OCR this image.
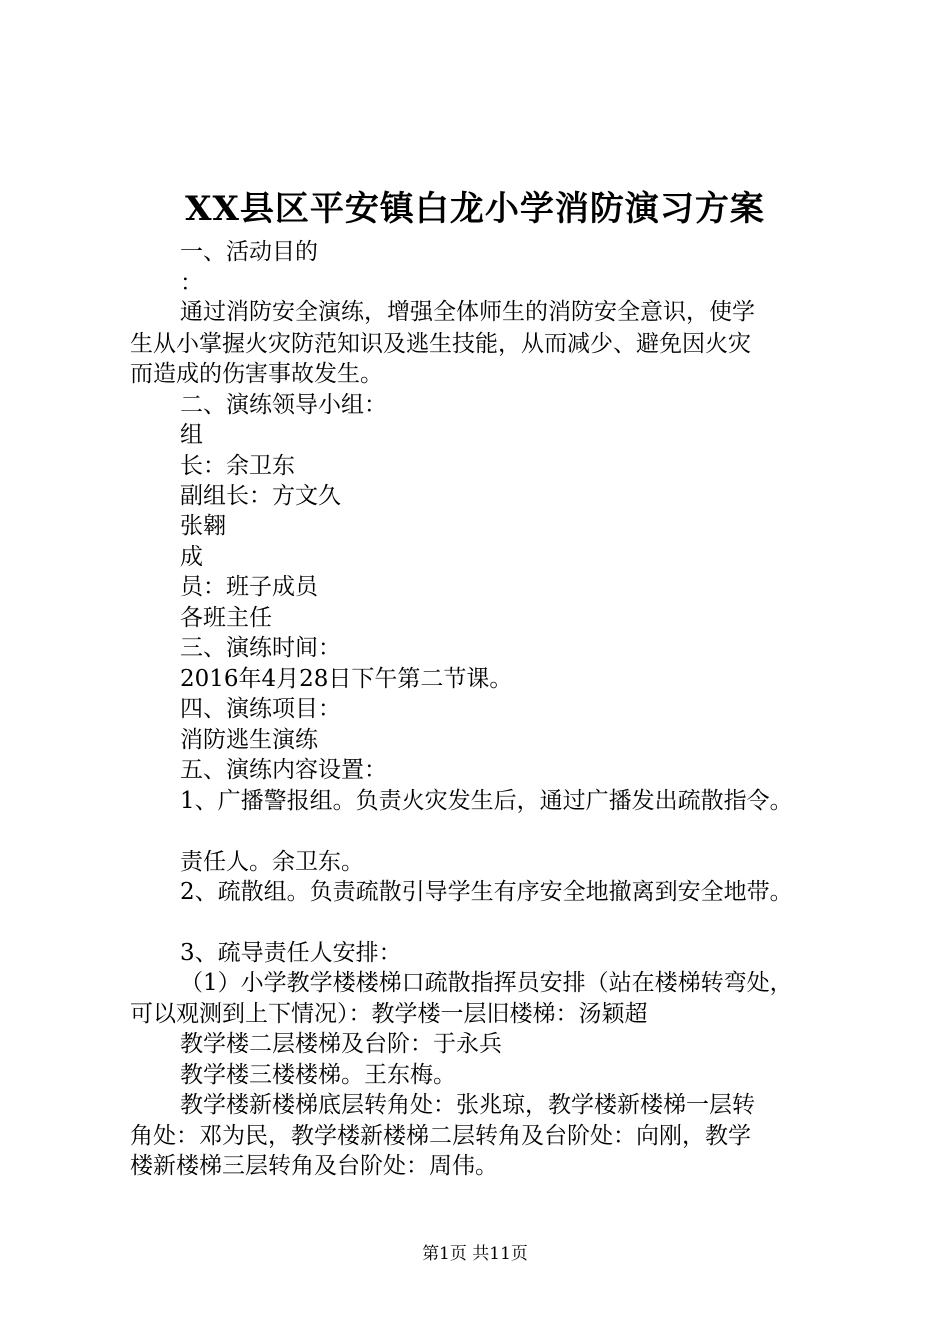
XX县区平安镇白龙小学消防演习方案
一、活动目的
：
通过消防安全演练，增强全体师生的消防安全意识，使学
生从小掌握火灾防范知识及逃生技能，从而减少、避免因火灾
而造成的伤害事故发生。
二、演练领导小组：
组
长：余卫东
副组长：方文久
张翱
成
员：班子成员
各班主任
三、演练时间：
2016年4月28日下午第二节课。
四、演练项目：
消防逃生演练
五、演练内容设置：
1、广播警报组。负责火灾发生后，通过广播发出疏散指令。
责任人。余卫东。
2、疏散组。负责疏散引导学生有序安全地撤离到安全地带。
3、疏导责任人安排：
（1）小学教学楼楼梯口疏散指挥员安排（站在楼梯转弯处，
可以观测到上下情况）：教学楼一层旧楼梯：汤颖超
教学楼二层楼梯及台阶：于永兵
教学楼三楼楼梯。王东梅。
教学楼新楼梯底层转角处：张兆琼，教学楼新楼梯一层转
角处：邓为民，教学楼新楼梯二层转角及台阶处：向刚，教学
楼新楼梯三层转角及台阶处：周伟。
第1页 共11页
